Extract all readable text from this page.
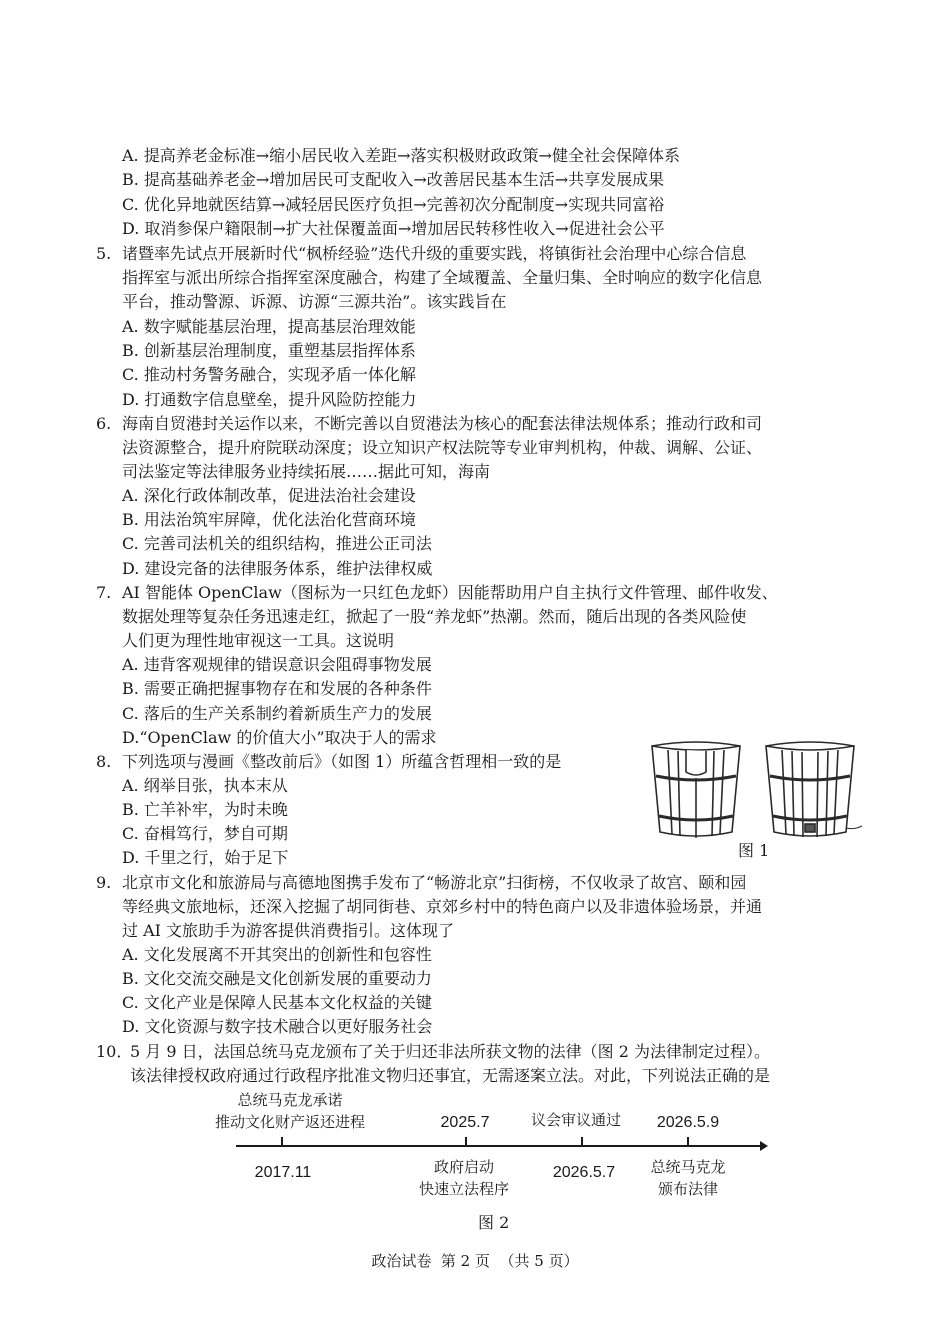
A. 提高养老金标准→缩小居民收入差距→落实积极财政政策→健全社会保障体系
B. 提高基础养老金→增加居民可支配收入→改善居民基本生活→共享发展成果
C. 优化异地就医结算→减轻居民医疗负担→完善初次分配制度→实现共同富裕
D. 取消参保户籍限制→扩大社保覆盖面→增加居民转移性收入→促进社会公平
5. 诸暨率先试点开展新时代“枫桥经验”迭代升级的重要实践，将镇街社会治理中心综合信息
指挥室与派出所综合指挥室深度融合，构建了全域覆盖、全量归集、全时响应的数字化信息
平台，推动警源、诉源、访源“三源共治”。该实践旨在
A. 数字赋能基层治理，提高基层治理效能
B. 创新基层治理制度，重塑基层指挥体系
C. 推动村务警务融合，实现矛盾一体化解
D. 打通数字信息壁垒，提升风险防控能力
6. 海南自贸港封关运作以来，不断完善以自贸港法为核心的配套法律法规体系；推动行政和司
法资源整合，提升府院联动深度；设立知识产权法院等专业审判机构，仲裁、调解、公证、
司法鉴定等法律服务业持续拓展……据此可知，海南
A. 深化行政体制改革，促进法治社会建设
B. 用法治筑牢屏障，优化法治化营商环境
C. 完善司法机关的组织结构，推进公正司法
D. 建设完备的法律服务体系，维护法律权威
7. AI 智能体 OpenClaw（图标为一只红色龙虾）因能帮助用户自主执行文件管理、邮件收发、
数据处理等复杂任务迅速走红，掀起了一股“养龙虾”热潮。然而，随后出现的各类风险使
人们更为理性地审视这一工具。这说明
A. 违背客观规律的错误意识会阻碍事物发展
B. 需要正确把握事物存在和发展的各种条件
C. 落后的生产关系制约着新质生产力的发展
D.“OpenClaw 的价值大小”取决于人的需求
8. 下列选项与漫画《整改前后》（如图 1）所蕴含哲理相一致的是
A. 纲举目张，执本末从
B. 亡羊补牢，为时未晚
C. 奋楫笃行，梦自可期
D. 千里之行，始于足下	图 1
9. 北京市文化和旅游局与高德地图携手发布了“畅游北京”扫街榜，不仅收录了故宫、颐和园
等经典文旅地标，还深入挖掘了胡同街巷、京郊乡村中的特色商户以及非遗体验场景，并通
过 AI 文旅助手为游客提供消费指引。这体现了
A. 文化发展离不开其突出的创新性和包容性
B. 文化交流交融是文化创新发展的重要动力
C. 文化产业是保障人民基本文化权益的关键
D. 文化资源与数字技术融合以更好服务社会
10．
5 月 9 日，法国总统马克龙颁布了关于归还非法所获文物的法律（图 2 为法律制定过程）。
该法律授权政府通过行政程序批准文物归还事宜，无需逐案立法。对此，下列说法正确的是
总统马克龙承诺
推动文化财产返还进程	2025.7	议会审议通过	2026.5.9
2017.11	政府启动
快速立法程序
2026.5.7	总统马克龙
颁布法律
图 2
政治试卷  第 2 页  （共 5 页）
